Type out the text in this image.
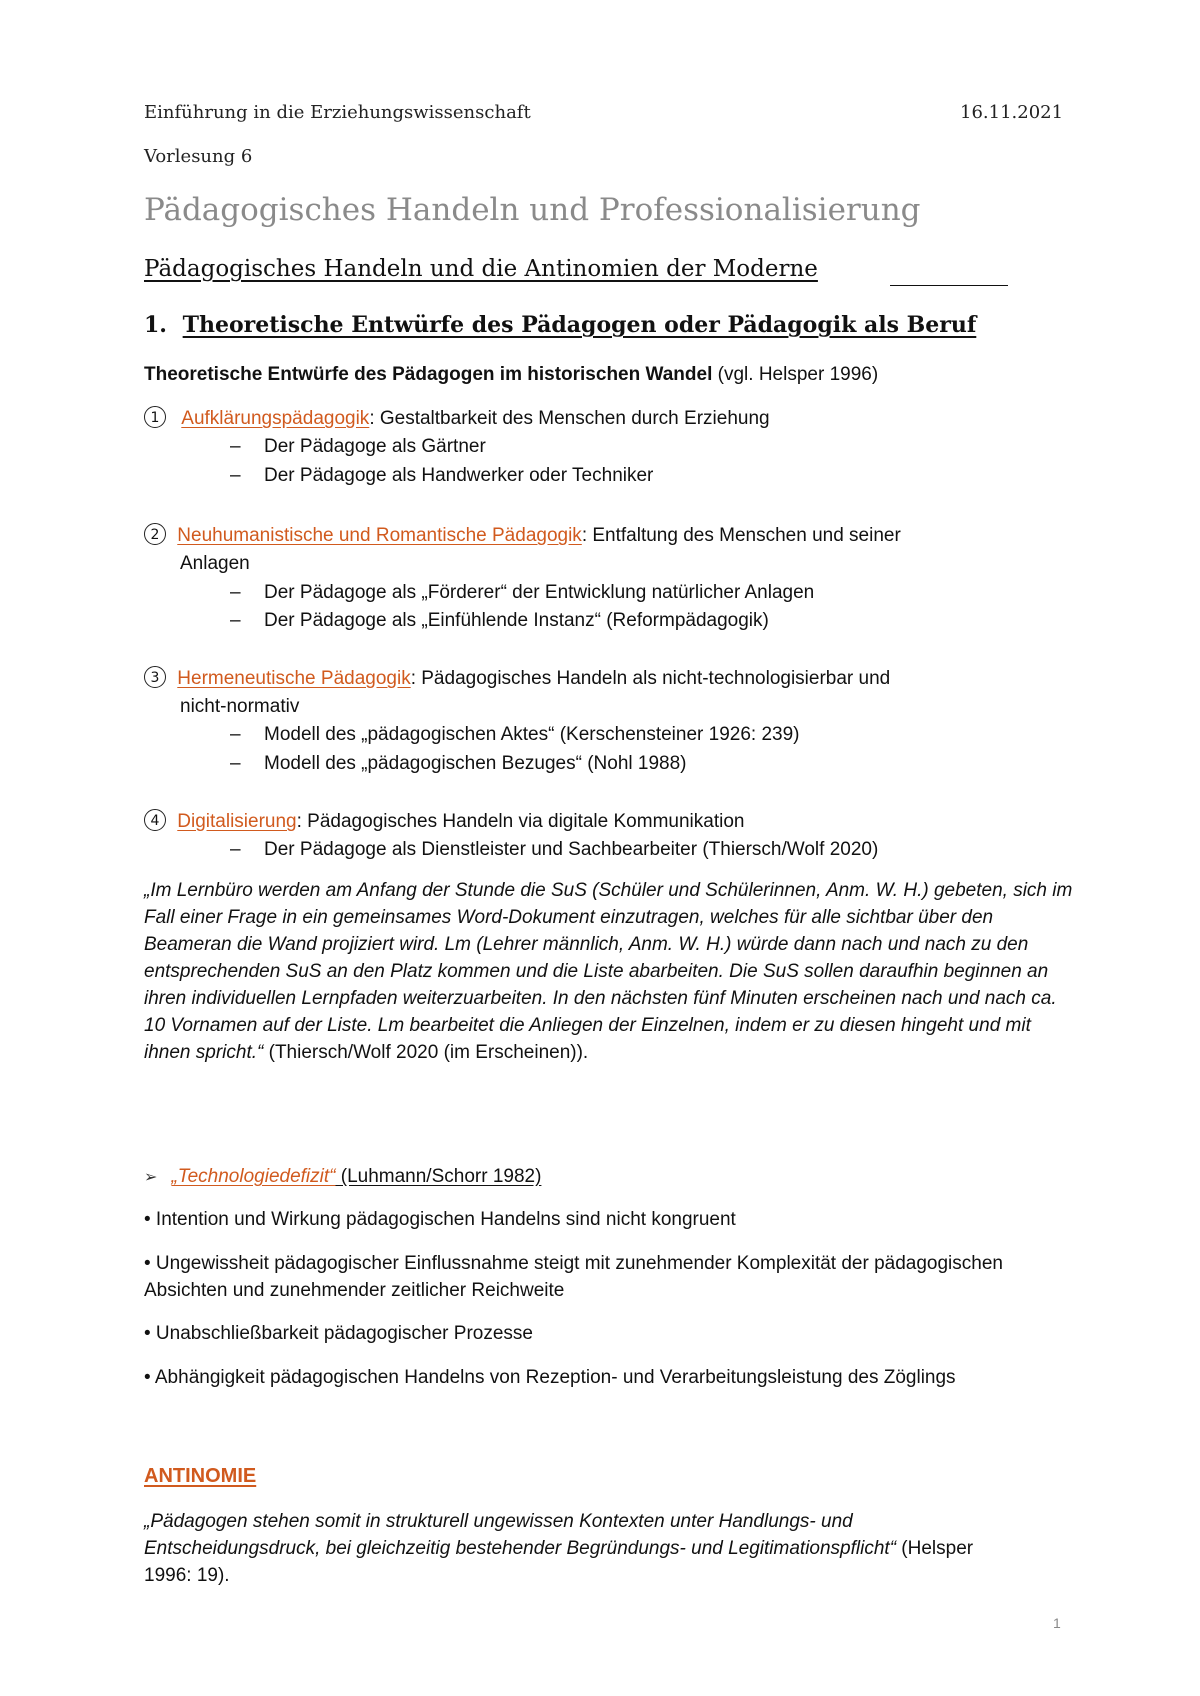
Einführung in die Erziehungswissenschaft	16.11.2021
Vorlesung 6
Pädagogisches Handeln und Professionalisierung
Pädagogisches Handeln und die Antinomien der Moderne
1. Theoretische Entwürfe des Pädagogen oder Pädagogik als Beruf
Theoretische Entwürfe des Pädagogen im historischen Wandel (vgl. Helsper 1996)
1 Aufklärungspädagogik: Gestaltbarkeit des Menschen durch Erziehung
– Der Pädagoge als Gärtner
– Der Pädagoge als Handwerker oder Techniker
2 Neuhumanistische und Romantische Pädagogik: Entfaltung des Menschen und seiner
Anlagen
– Der Pädagoge als „Förderer“ der Entwicklung natürlicher Anlagen
– Der Pädagoge als „Einfühlende Instanz“ (Reformpädagogik)
3 Hermeneutische Pädagogik: Pädagogisches Handeln als nicht-technologisierbar und
nicht-normativ
– Modell des „pädagogischen Aktes“ (Kerschensteiner 1926: 239)
– Modell des „pädagogischen Bezuges“ (Nohl 1988)
4 Digitalisierung: Pädagogisches Handeln via digitale Kommunikation
– Der Pädagoge als Dienstleister und Sachbearbeiter (Thiersch/Wolf 2020)
„Im Lernbüro werden am Anfang der Stunde die SuS (Schüler und Schülerinnen, Anm. W. H.) gebeten, sich im Fall einer Frage in ein gemeinsames Word-Dokument einzutragen, welches für alle sichtbar über den Beameran die Wand projiziert wird. Lm (Lehrer männlich, Anm. W. H.) würde dann nach und nach zu den entsprechenden SuS an den Platz kommen und die Liste abarbeiten. Die SuS sollen daraufhin beginnen an ihren individuellen Lernpfaden weiterzuarbeiten. In den nächsten fünf Minuten erscheinen nach und nach ca. 10 Vornamen auf der Liste. Lm bearbeitet die Anliegen der Einzelnen, indem er zu diesen hingeht und mit ihnen spricht.“ (Thiersch/Wolf 2020 (im Erscheinen)).
➢ „Technologiedefizit“ (Luhmann/Schorr 1982)
• Intention und Wirkung pädagogischen Handelns sind nicht kongruent
• Ungewissheit pädagogischer Einflussnahme steigt mit zunehmender Komplexität der pädagogischen Absichten und zunehmender zeitlicher Reichweite
• Unabschließbarkeit pädagogischer Prozesse
• Abhängigkeit pädagogischen Handelns von Rezeption- und Verarbeitungsleistung des Zöglings
ANTINOMIE
„Pädagogen stehen somit in strukturell ungewissen Kontexten unter Handlungs- und Entscheidungsdruck, bei gleichzeitig bestehender Begründungs- und Legitimationspflicht“ (Helsper 1996: 19).
1
